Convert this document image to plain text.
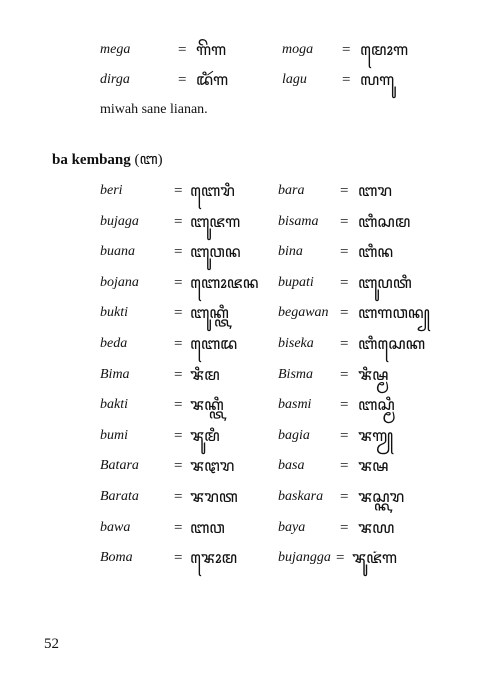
mega	= ꦒꦼꦒ	moga = ꦩꦺꦴꦒ
dirga	= ꦢꦶꦂꦒ	lagu = ꦭꦒꦸ
miwah sane lianan.
ba kembang (ꦧ)
beri	= ꦧꦺꦫꦶ	bara = ꦧꦫ
bujaga = ꦧꦸꦗꦒ	bisama = ꦧꦶꦱꦩ
buana	= ꦧꦸꦮꦤ	bina = ꦧꦶꦤ
bojana = ꦧꦺꦴꦗꦤ bupati = ꦧꦸꦥꦠꦶ
bukti	= ꦧꦸꦏ꧀ꦠꦶ	begawan = ꦧꦒꦮꦤ꧀
beda	= ꦧꦺꦢ	biseka = ꦧꦶꦱꦺꦏ
Bima	= ꦨꦶꦩ	Bisma = ꦨꦶꦰ꧀ꦩ
bakti	= ꦨꦏ꧀ꦠꦶ	basmi = ꦧꦱ꧀ꦩꦶ
bumi	= ꦨꦸꦩꦶ	bagia = ꦨꦒꦾ
Batara = ꦨꦛꦫ	basa = ꦨꦰ
Barata = ꦨꦫꦠ	baskara = ꦨꦱ꧀ꦏꦫ
bawa	= ꦧꦮ	baya = ꦨꦪ
Boma	= ꦨꦺꦴꦩ	bujangga = ꦨꦸꦗꦁꦒ
52
